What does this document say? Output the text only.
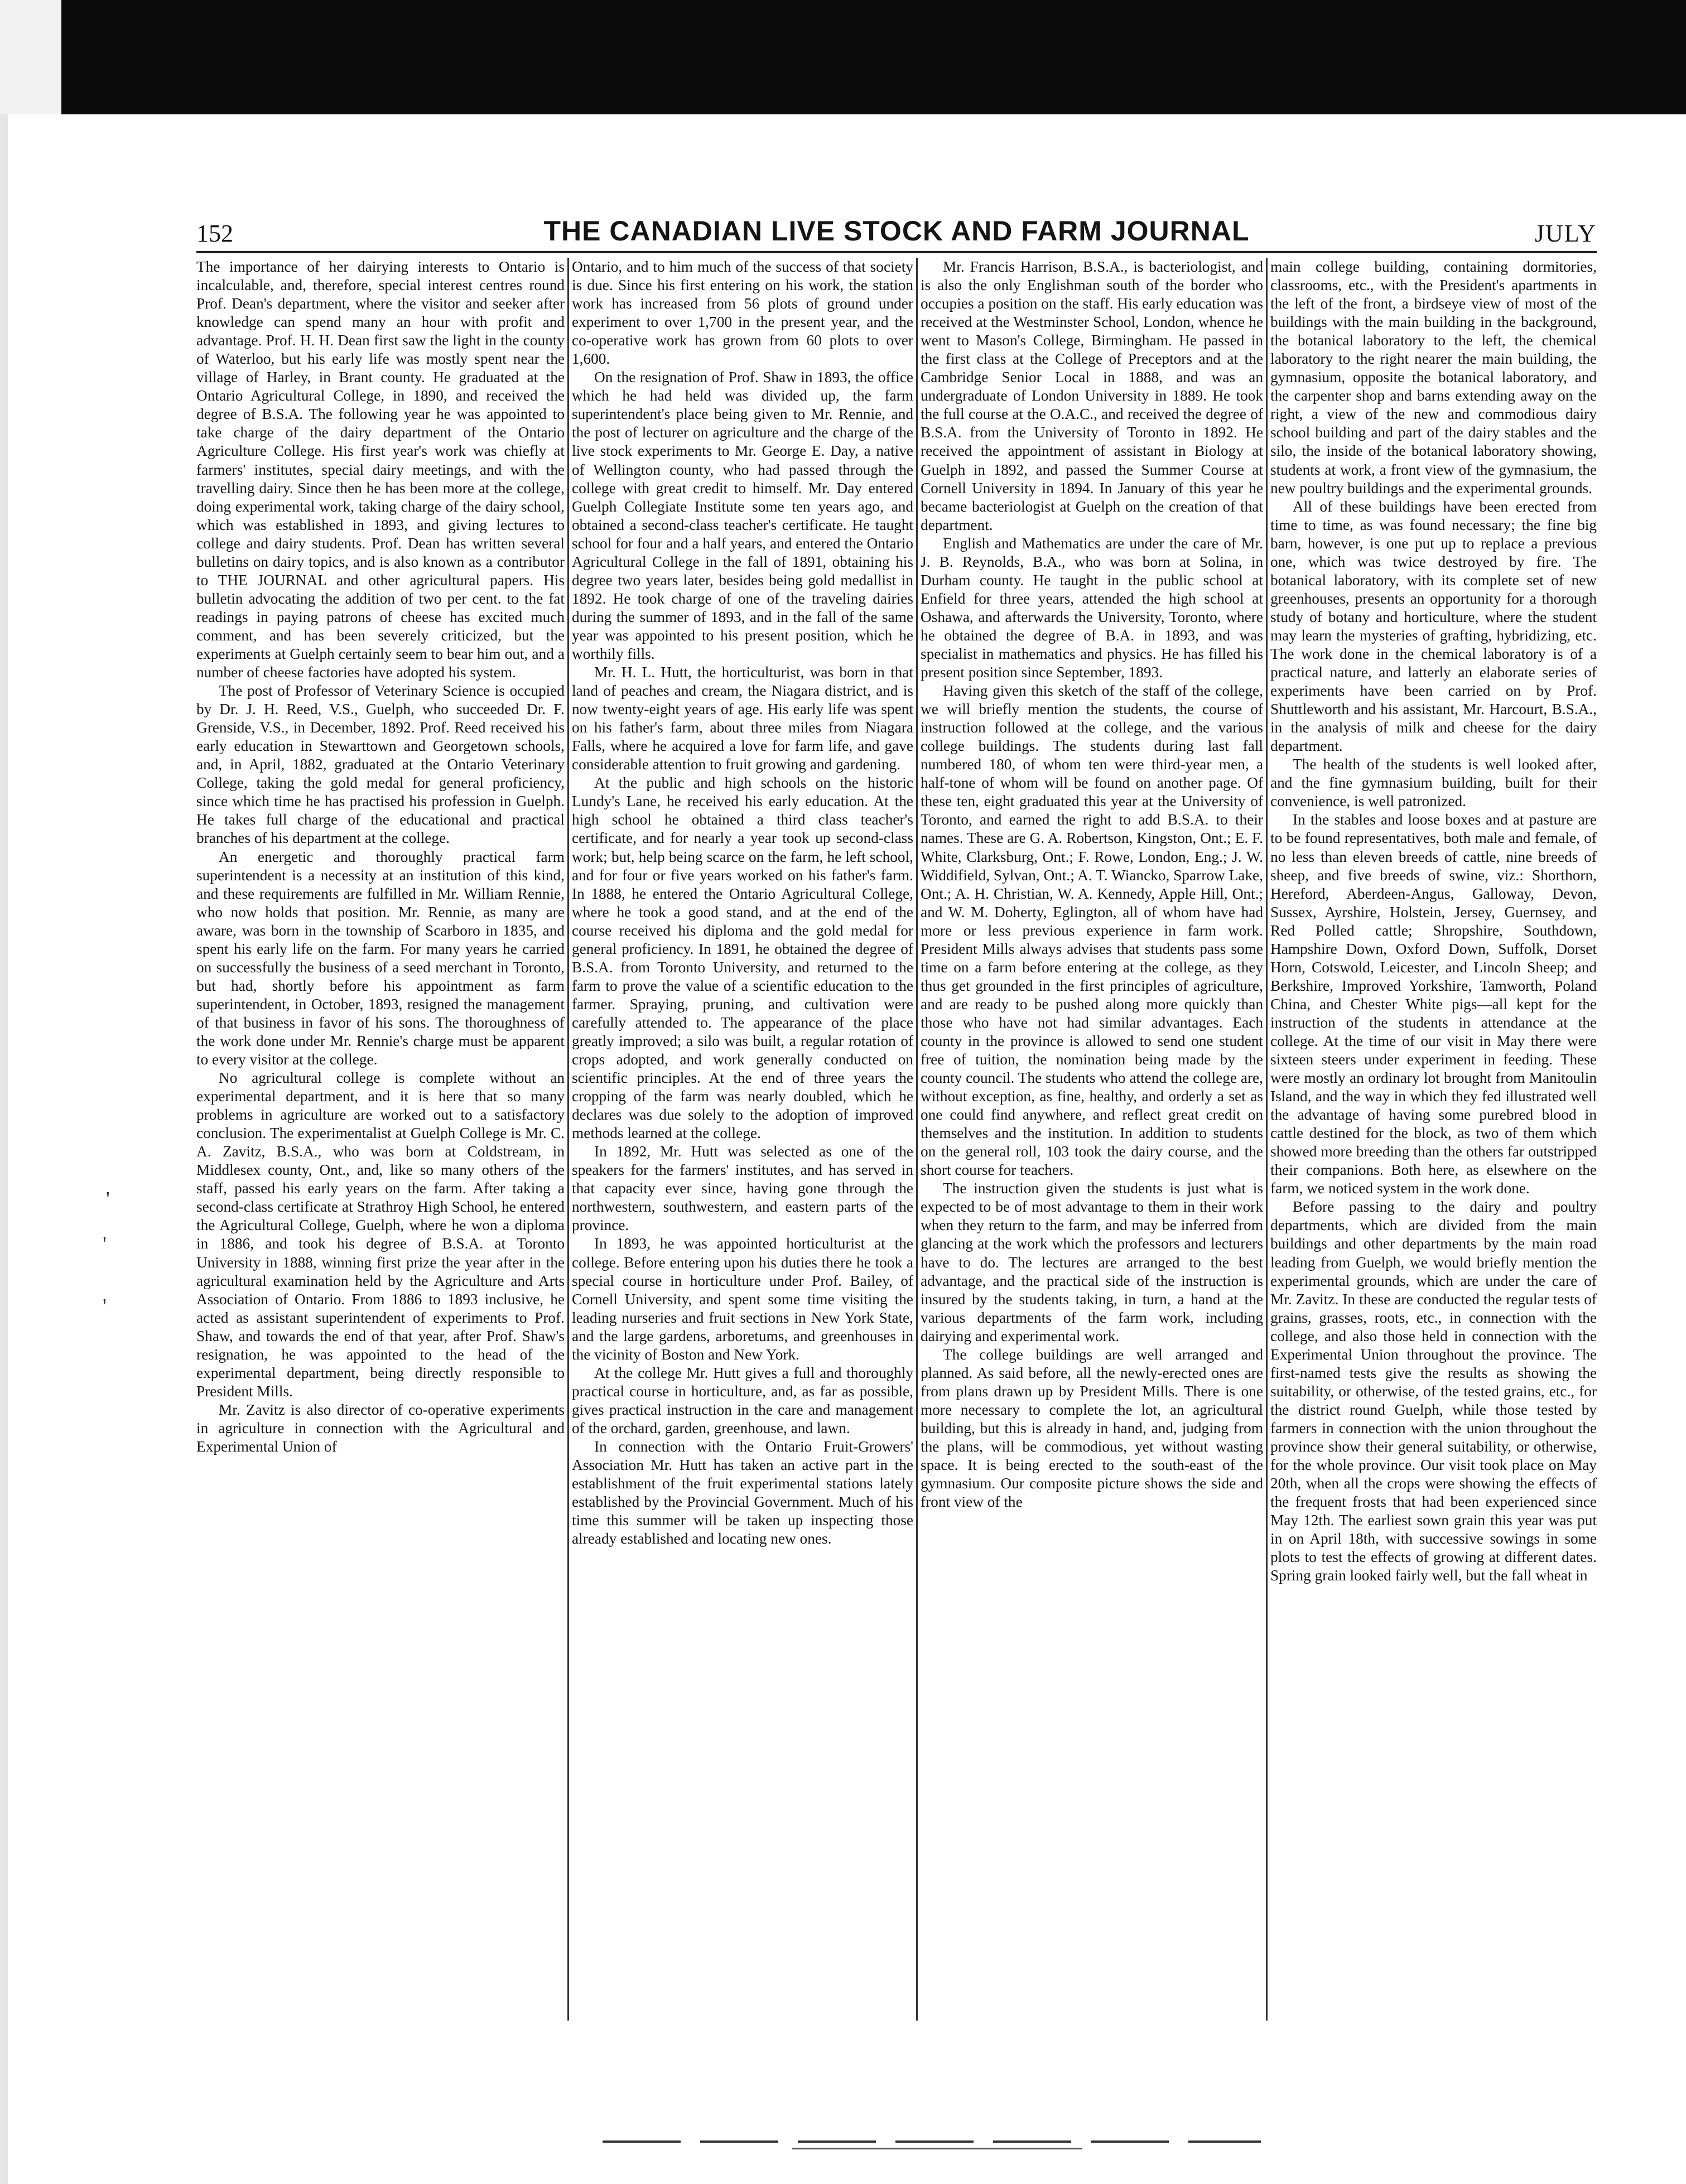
152	THE CANADIAN LIVE STOCK AND FARM JOURNAL	JULY
'
'
'

The importance of her dairying interests to Ontario is incalculable, and, therefore, special interest centres round Prof. Dean's department, where the visitor and seeker after knowledge can spend many an hour with profit and advantage. Prof. H. H. Dean first saw the light in the county of Waterloo, but his early life was mostly spent near the village of Harley, in Brant county. He graduated at the Ontario Agricultural College, in 1890, and received the degree of B.S.A. The following year he was appointed to take charge of the dairy department of the Ontario Agriculture College. His first year's work was chiefly at farmers' institutes, special dairy meetings, and with the travelling dairy. Since then he has been more at the college, doing experimental work, taking charge of the dairy school, which was established in 1893, and giving lectures to college and dairy students. Prof. Dean has written several bulletins on dairy topics, and is also known as a contributor to THE JOURNAL and other agricultural papers. His bulletin advocating the addition of two per cent. to the fat readings in paying patrons of cheese has excited much comment, and has been severely criticized, but the experiments at Guelph certainly seem to bear him out, and a number of cheese factories have adopted his system.

The post of Professor of Veterinary Science is occupied by Dr. J. H. Reed, V.S., Guelph, who succeeded Dr. F. Grenside, V.S., in December, 1892. Prof. Reed received his early education in Stewarttown and Georgetown schools, and, in April, 1882, graduated at the Ontario Veterinary College, taking the gold medal for general proficiency, since which time he has practised his profession in Guelph. He takes full charge of the educational and practical branches of his department at the college.

An energetic and thoroughly practical farm superintendent is a necessity at an institution of this kind, and these requirements are fulfilled in Mr. William Rennie, who now holds that position. Mr. Rennie, as many are aware, was born in the township of Scarboro in 1835, and spent his early life on the farm. For many years he carried on successfully the business of a seed merchant in Toronto, but had, shortly before his appointment as farm superintendent, in October, 1893, resigned the management of that business in favor of his sons. The thoroughness of the work done under Mr. Rennie's charge must be apparent to every visitor at the college.

No agricultural college is complete without an experimental department, and it is here that so many problems in agriculture are worked out to a satisfactory conclusion. The experimentalist at Guelph College is Mr. C. A. Zavitz, B.S.A., who was born at Coldstream, in Middlesex county, Ont., and, like so many others of the staff, passed his early years on the farm. After taking a second-class certificate at Strathroy High School, he entered the Agricultural College, Guelph, where he won a diploma in 1886, and took his degree of B.S.A. at Toronto University in 1888, winning first prize the year after in the agricultural examination held by the Agriculture and Arts Association of Ontario. From 1886 to 1893 inclusive, he acted as assistant superintendent of experiments to Prof. Shaw, and towards the end of that year, after Prof. Shaw's resignation, he was appointed to the head of the experimental department, being directly responsible to President Mills.

Mr. Zavitz is also director of co-operative experiments in agriculture in connection with the Agricultural and Experimental Union of

Ontario, and to him much of the success of that society is due. Since his first entering on his work, the station work has increased from 56 plots of ground under experiment to over 1,700 in the present year, and the co-operative work has grown from 60 plots to over 1,600.

On the resignation of Prof. Shaw in 1893, the office which he had held was divided up, the farm superintendent's place being given to Mr. Rennie, and the post of lecturer on agriculture and the charge of the live stock experiments to Mr. George E. Day, a native of Wellington county, who had passed through the college with great credit to himself. Mr. Day entered Guelph Collegiate Institute some ten years ago, and obtained a second-class teacher's certificate. He taught school for four and a half years, and entered the Ontario Agricultural College in the fall of 1891, obtaining his degree two years later, besides being gold medallist in 1892. He took charge of one of the traveling dairies during the summer of 1893, and in the fall of the same year was appointed to his present position, which he worthily fills.

Mr. H. L. Hutt, the horticulturist, was born in that land of peaches and cream, the Niagara district, and is now twenty-eight years of age. His early life was spent on his father's farm, about three miles from Niagara Falls, where he acquired a love for farm life, and gave considerable attention to fruit growing and gardening.

At the public and high schools on the historic Lundy's Lane, he received his early education. At the high school he obtained a third class teacher's certificate, and for nearly a year took up second-class work; but, help being scarce on the farm, he left school, and for four or five years worked on his father's farm. In 1888, he entered the Ontario Agricultural College, where he took a good stand, and at the end of the course received his diploma and the gold medal for general proficiency. In 1891, he obtained the degree of B.S.A. from Toronto University, and returned to the farm to prove the value of a scientific education to the farmer. Spraying, pruning, and cultivation were carefully attended to. The appearance of the place greatly improved; a silo was built, a regular rotation of crops adopted, and work generally conducted on scientific principles. At the end of three years the cropping of the farm was nearly doubled, which he declares was due solely to the adoption of improved methods learned at the college.

In 1892, Mr. Hutt was selected as one of the speakers for the farmers' institutes, and has served in that capacity ever since, having gone through the northwestern, southwestern, and eastern parts of the province.

In 1893, he was appointed horticulturist at the college. Before entering upon his duties there he took a special course in horticulture under Prof. Bailey, of Cornell University, and spent some time visiting the leading nurseries and fruit sections in New York State, and the large gardens, arboretums, and greenhouses in the vicinity of Boston and New York.

At the college Mr. Hutt gives a full and thoroughly practical course in horticulture, and, as far as possible, gives practical instruction in the care and management of the orchard, garden, greenhouse, and lawn.

In connection with the Ontario Fruit-Growers' Association Mr. Hutt has taken an active part in the establishment of the fruit experimental stations lately established by the Provincial Government. Much of his time this summer will be taken up inspecting those already established and locating new ones.

Mr. Francis Harrison, B.S.A., is bacteriologist, and is also the only Englishman south of the border who occupies a position on the staff. His early education was received at the Westminster School, London, whence he went to Mason's College, Birmingham. He passed in the first class at the College of Preceptors and at the Cambridge Senior Local in 1888, and was an undergraduate of London University in 1889. He took the full course at the O.A.C., and received the degree of B.S.A. from the University of Toronto in 1892. He received the appointment of assistant in Biology at Guelph in 1892, and passed the Summer Course at Cornell University in 1894. In January of this year he became bacteriologist at Guelph on the creation of that department.

English and Mathematics are under the care of Mr. J. B. Reynolds, B.A., who was born at Solina, in Durham county. He taught in the public school at Enfield for three years, attended the high school at Oshawa, and afterwards the University, Toronto, where he obtained the degree of B.A. in 1893, and was specialist in mathematics and physics. He has filled his present position since September, 1893.

Having given this sketch of the staff of the college, we will briefly mention the students, the course of instruction followed at the college, and the various college buildings. The students during last fall numbered 180, of whom ten were third-year men, a half-tone of whom will be found on another page. Of these ten, eight graduated this year at the University of Toronto, and earned the right to add B.S.A. to their names. These are G. A. Robertson, Kingston, Ont.; E. F. White, Clarksburg, Ont.; F. Rowe, London, Eng.; J. W. Widdifield, Sylvan, Ont.; A. T. Wiancko, Sparrow Lake, Ont.; A. H. Christian, W. A. Kennedy, Apple Hill, Ont.; and W. M. Doherty, Eglington, all of whom have had more or less previous experience in farm work. President Mills always advises that students pass some time on a farm before entering at the college, as they thus get grounded in the first principles of agriculture, and are ready to be pushed along more quickly than those who have not had similar advantages. Each county in the province is allowed to send one student free of tuition, the nomination being made by the county council. The students who attend the college are, without exception, as fine, healthy, and orderly a set as one could find anywhere, and reflect great credit on themselves and the institution. In addition to students on the general roll, 103 took the dairy course, and the short course for teachers.

The instruction given the students is just what is expected to be of most advantage to them in their work when they return to the farm, and may be inferred from glancing at the work which the professors and lecturers have to do. The lectures are arranged to the best advantage, and the practical side of the instruction is insured by the students taking, in turn, a hand at the various departments of the farm work, including dairying and experimental work.

The college buildings are well arranged and planned. As said before, all the newly-erected ones are from plans drawn up by President Mills. There is one more necessary to complete the lot, an agricultural building, but this is already in hand, and, judging from the plans, will be commodious, yet without wasting space. It is being erected to the south-east of the gymnasium. Our composite picture shows the side and front view of the

main college building, containing dormitories, classrooms, etc., with the President's apartments in the left of the front, a birdseye view of most of the buildings with the main building in the background, the botanical laboratory to the left, the chemical laboratory to the right nearer the main building, the gymnasium, opposite the botanical laboratory, and the carpenter shop and barns extending away on the right, a view of the new and commodious dairy school building and part of the dairy stables and the silo, the inside of the botanical laboratory showing, students at work, a front view of the gymnasium, the new poultry buildings and the experimental grounds.

All of these buildings have been erected from time to time, as was found necessary; the fine big barn, however, is one put up to replace a previous one, which was twice destroyed by fire. The botanical laboratory, with its complete set of new greenhouses, presents an opportunity for a thorough study of botany and horticulture, where the student may learn the mysteries of grafting, hybridizing, etc. The work done in the chemical laboratory is of a practical nature, and latterly an elaborate series of experiments have been carried on by Prof. Shuttleworth and his assistant, Mr. Harcourt, B.S.A., in the analysis of milk and cheese for the dairy department.

The health of the students is well looked after, and the fine gymnasium building, built for their convenience, is well patronized.

In the stables and loose boxes and at pasture are to be found representatives, both male and female, of no less than eleven breeds of cattle, nine breeds of sheep, and five breeds of swine, viz.: Shorthorn, Hereford, Aberdeen-Angus, Galloway, Devon, Sussex, Ayrshire, Holstein, Jersey, Guernsey, and Red Polled cattle; Shropshire, Southdown, Hampshire Down, Oxford Down, Suffolk, Dorset Horn, Cotswold, Leicester, and Lincoln Sheep; and Berkshire, Improved Yorkshire, Tamworth, Poland China, and Chester White pigs—all kept for the instruction of the students in attendance at the college. At the time of our visit in May there were sixteen steers under experiment in feeding. These were mostly an ordinary lot brought from Manitoulin Island, and the way in which they fed illustrated well the advantage of having some purebred blood in cattle destined for the block, as two of them which showed more breeding than the others far outstripped their companions. Both here, as elsewhere on the farm, we noticed system in the work done.

Before passing to the dairy and poultry departments, which are divided from the main buildings and other departments by the main road leading from Guelph, we would briefly mention the experimental grounds, which are under the care of Mr. Zavitz. In these are conducted the regular tests of grains, grasses, roots, etc., in connection with the college, and also those held in connection with the Experimental Union throughout the province. The first-named tests give the results as showing the suitability, or otherwise, of the tested grains, etc., for the district round Guelph, while those tested by farmers in connection with the union throughout the province show their general suitability, or otherwise, for the whole province. Our visit took place on May 20th, when all the crops were showing the effects of the frequent frosts that had been experienced since May 12th. The earliest sown grain this year was put in on April 18th, with successive sowings in some plots to test the effects of growing at different dates. Spring grain looked fairly well, but the fall wheat in
